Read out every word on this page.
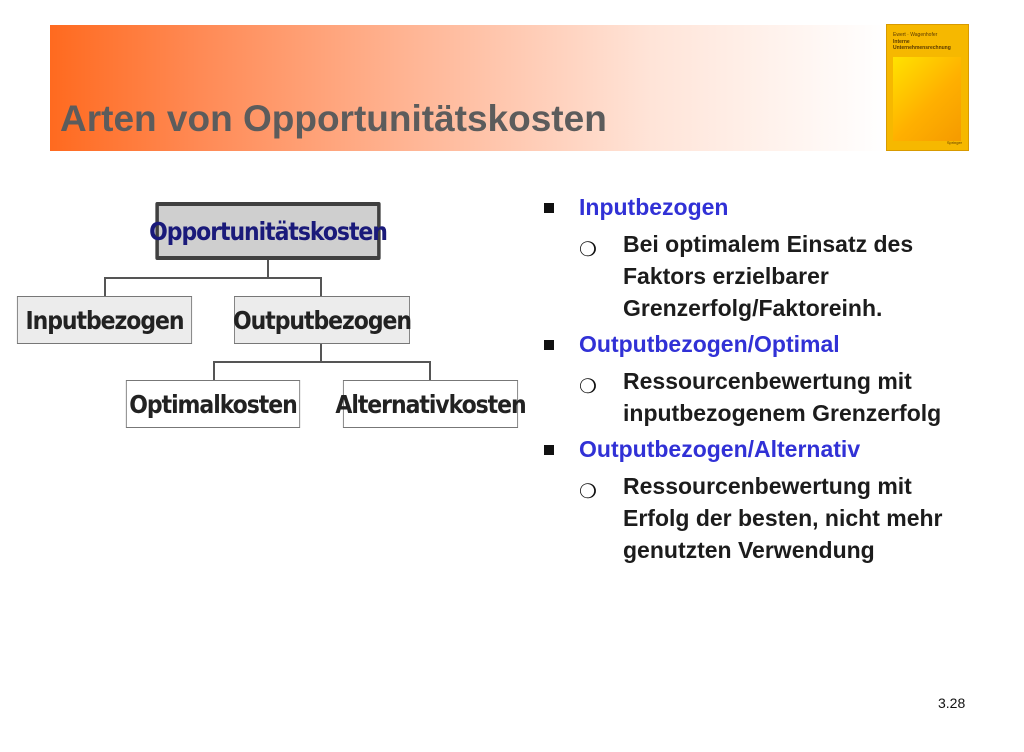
Arten von Opportunitätskosten
Ewert · Wagenhofer
Interne
Unternehmensrechnung
Springer
Opportunitätskosten
Inputbezogen	Outputbezogen
Optimalkosten Alternativkosten
Inputbezogen
❍ Bei optimalem Einsatz des Faktors erzielbarer Grenzerfolg/Faktoreinh.
Outputbezogen/Optimal
❍ Ressourcenbewertung mit inputbezogenem Grenzerfolg
Outputbezogen/Alternativ
❍ Ressourcenbewertung mit Erfolg der besten, nicht mehr genutzten Verwendung
3.28
